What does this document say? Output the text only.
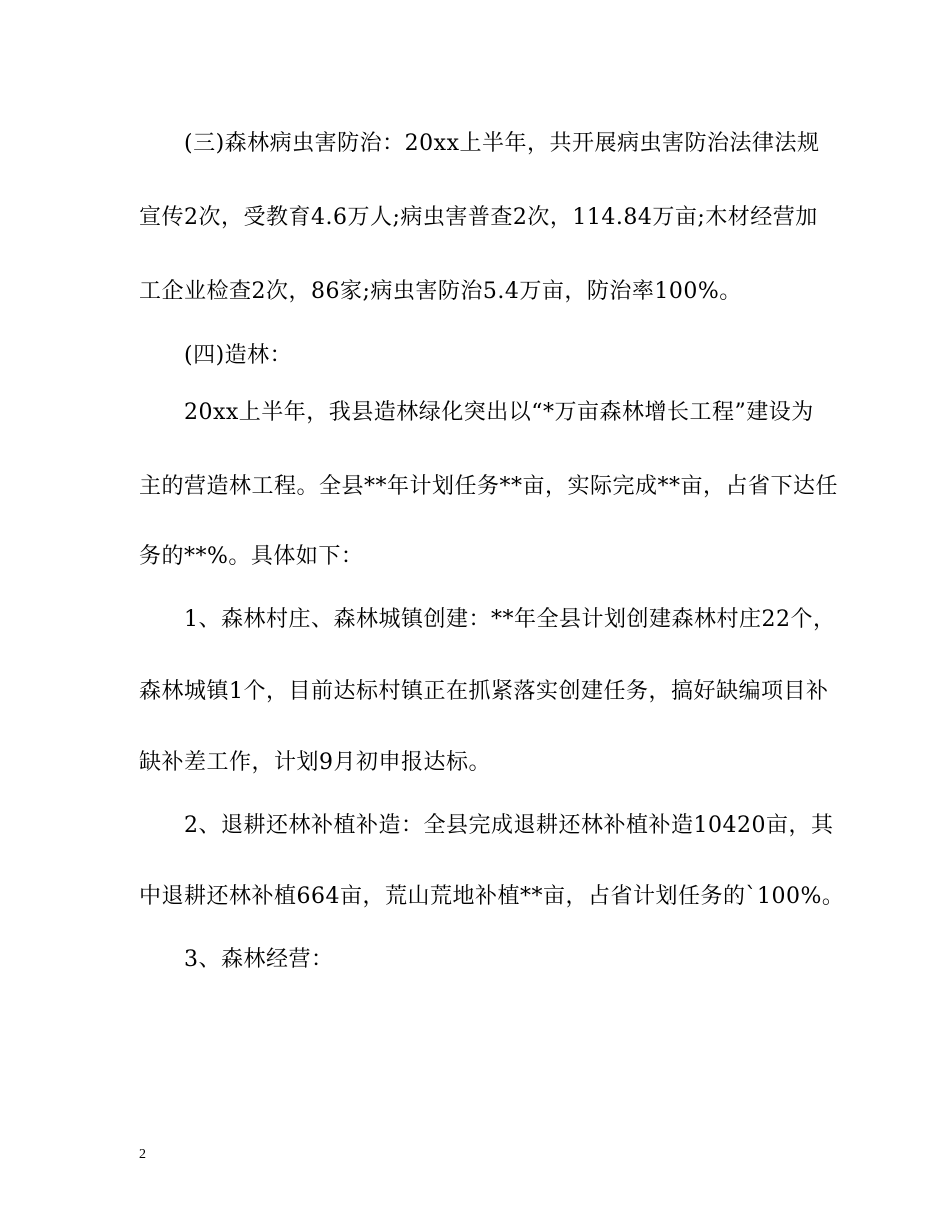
(三)森林病虫害防治：20xx上半年，共开展病虫害防治法律法规
宣传2次，受教育4.6万人;病虫害普查2次，114.84万亩;木材经营加
工企业检查2次，86家;病虫害防治5.4万亩，防治率100%。
(四)造林：
20xx上半年，我县造林绿化突出以“*万亩森林增长工程”建设为
主的营造林工程。全县**年计划任务**亩，实际完成**亩，占省下达任
务的**%。具体如下：
1、森林村庄、森林城镇创建：**年全县计划创建森林村庄22个，
森林城镇1个，目前达标村镇正在抓紧落实创建任务，搞好缺编项目补
缺补差工作，计划9月初申报达标。
2、退耕还林补植补造：全县完成退耕还林补植补造10420亩，其
中退耕还林补植664亩，荒山荒地补植**亩，占省计划任务的`100%。
3、森林经营：
2
